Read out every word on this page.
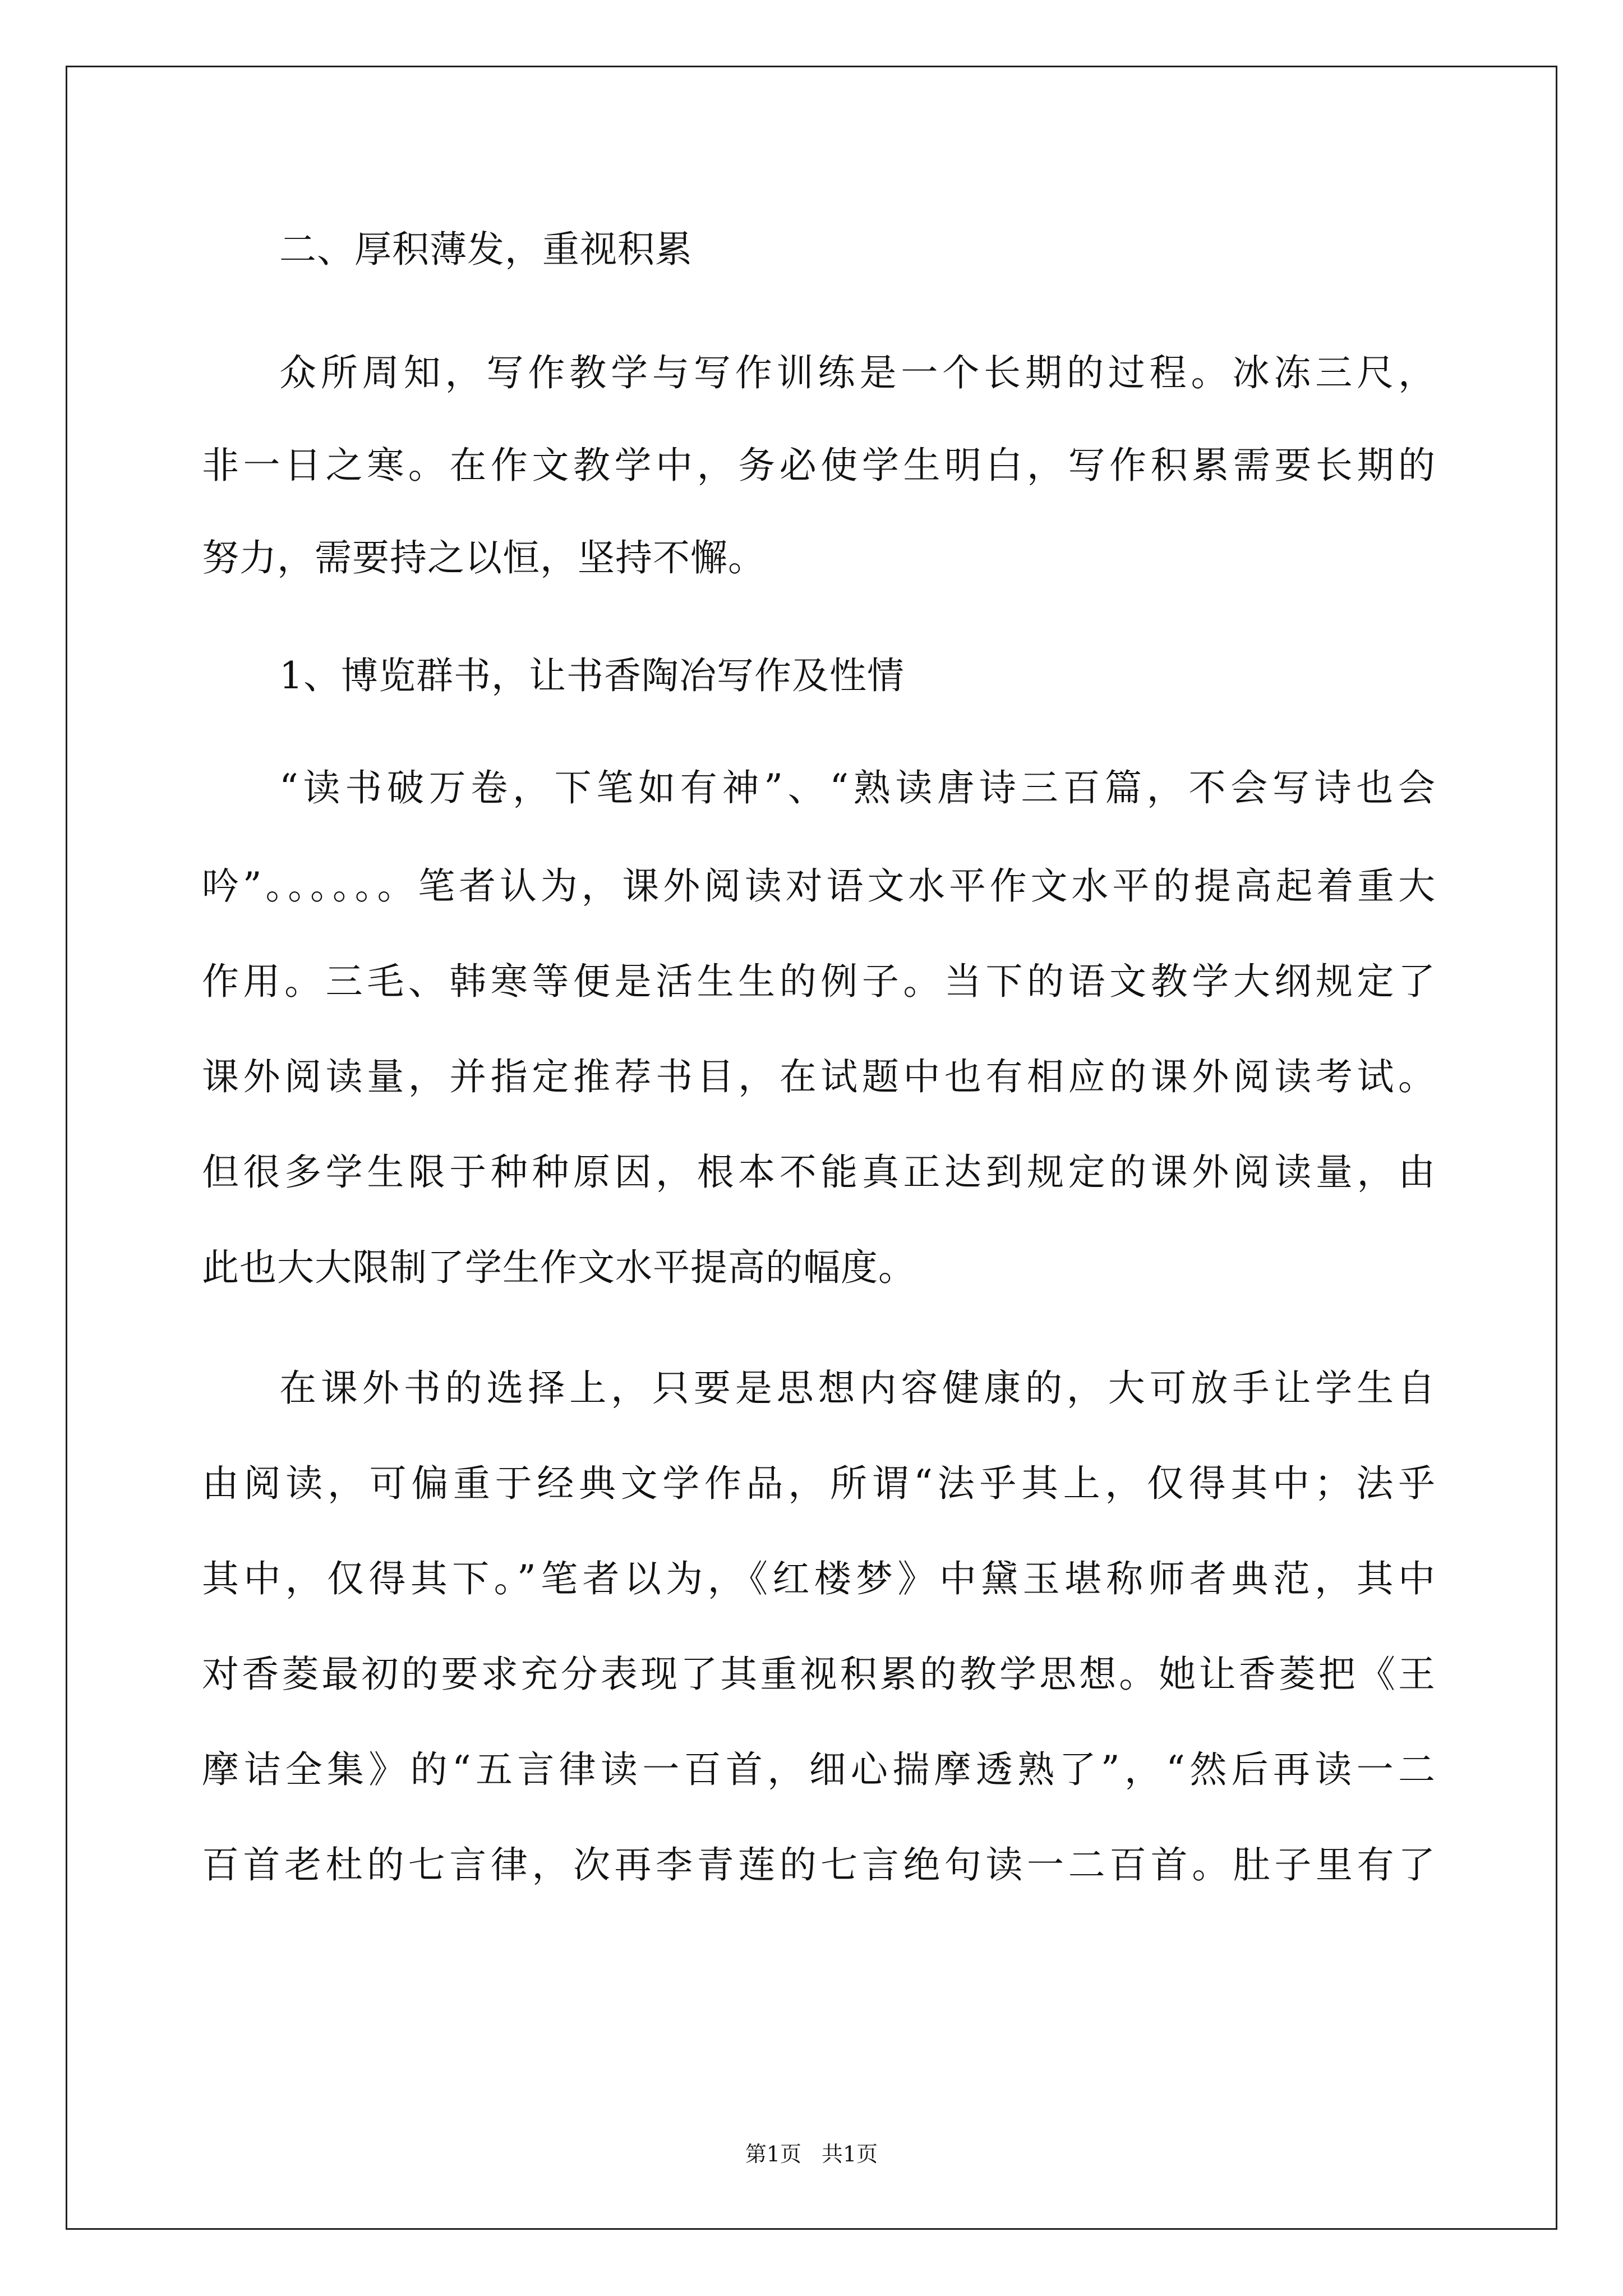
二、厚积薄发，重视积累
众所周知，写作教学与写作训练是一个长期的过程。冰冻三尺，
非一日之寒。在作文教学中，务必使学生明白，写作积累需要长期的
努力，需要持之以恒，坚持不懈。
1、博览群书，让书香陶冶写作及性情
“读书破万卷，下笔如有神”、“熟读唐诗三百篇，不会写诗也会
吟”。。。。。。笔者认为，课外阅读对语文水平作文水平的提高起着重大
作用。三毛、韩寒等便是活生生的例子。当下的语文教学大纲规定了
课外阅读量，并指定推荐书目，在试题中也有相应的课外阅读考试。
但很多学生限于种种原因，根本不能真正达到规定的课外阅读量，由
此也大大限制了学生作文水平提高的幅度。
在课外书的选择上，只要是思想内容健康的，大可放手让学生自
由阅读，可偏重于经典文学作品，所谓“法乎其上，仅得其中；法乎
其中，仅得其下。”笔者以为，《红楼梦》中黛玉堪称师者典范，其中
对香菱最初的要求充分表现了其重视积累的教学思想。她让香菱把《王
摩诘全集》的“五言律读一百首，细心揣摩透熟了”，“然后再读一二
百首老杜的七言律，次再李青莲的七言绝句读一二百首。肚子里有了
第1页 共1页
